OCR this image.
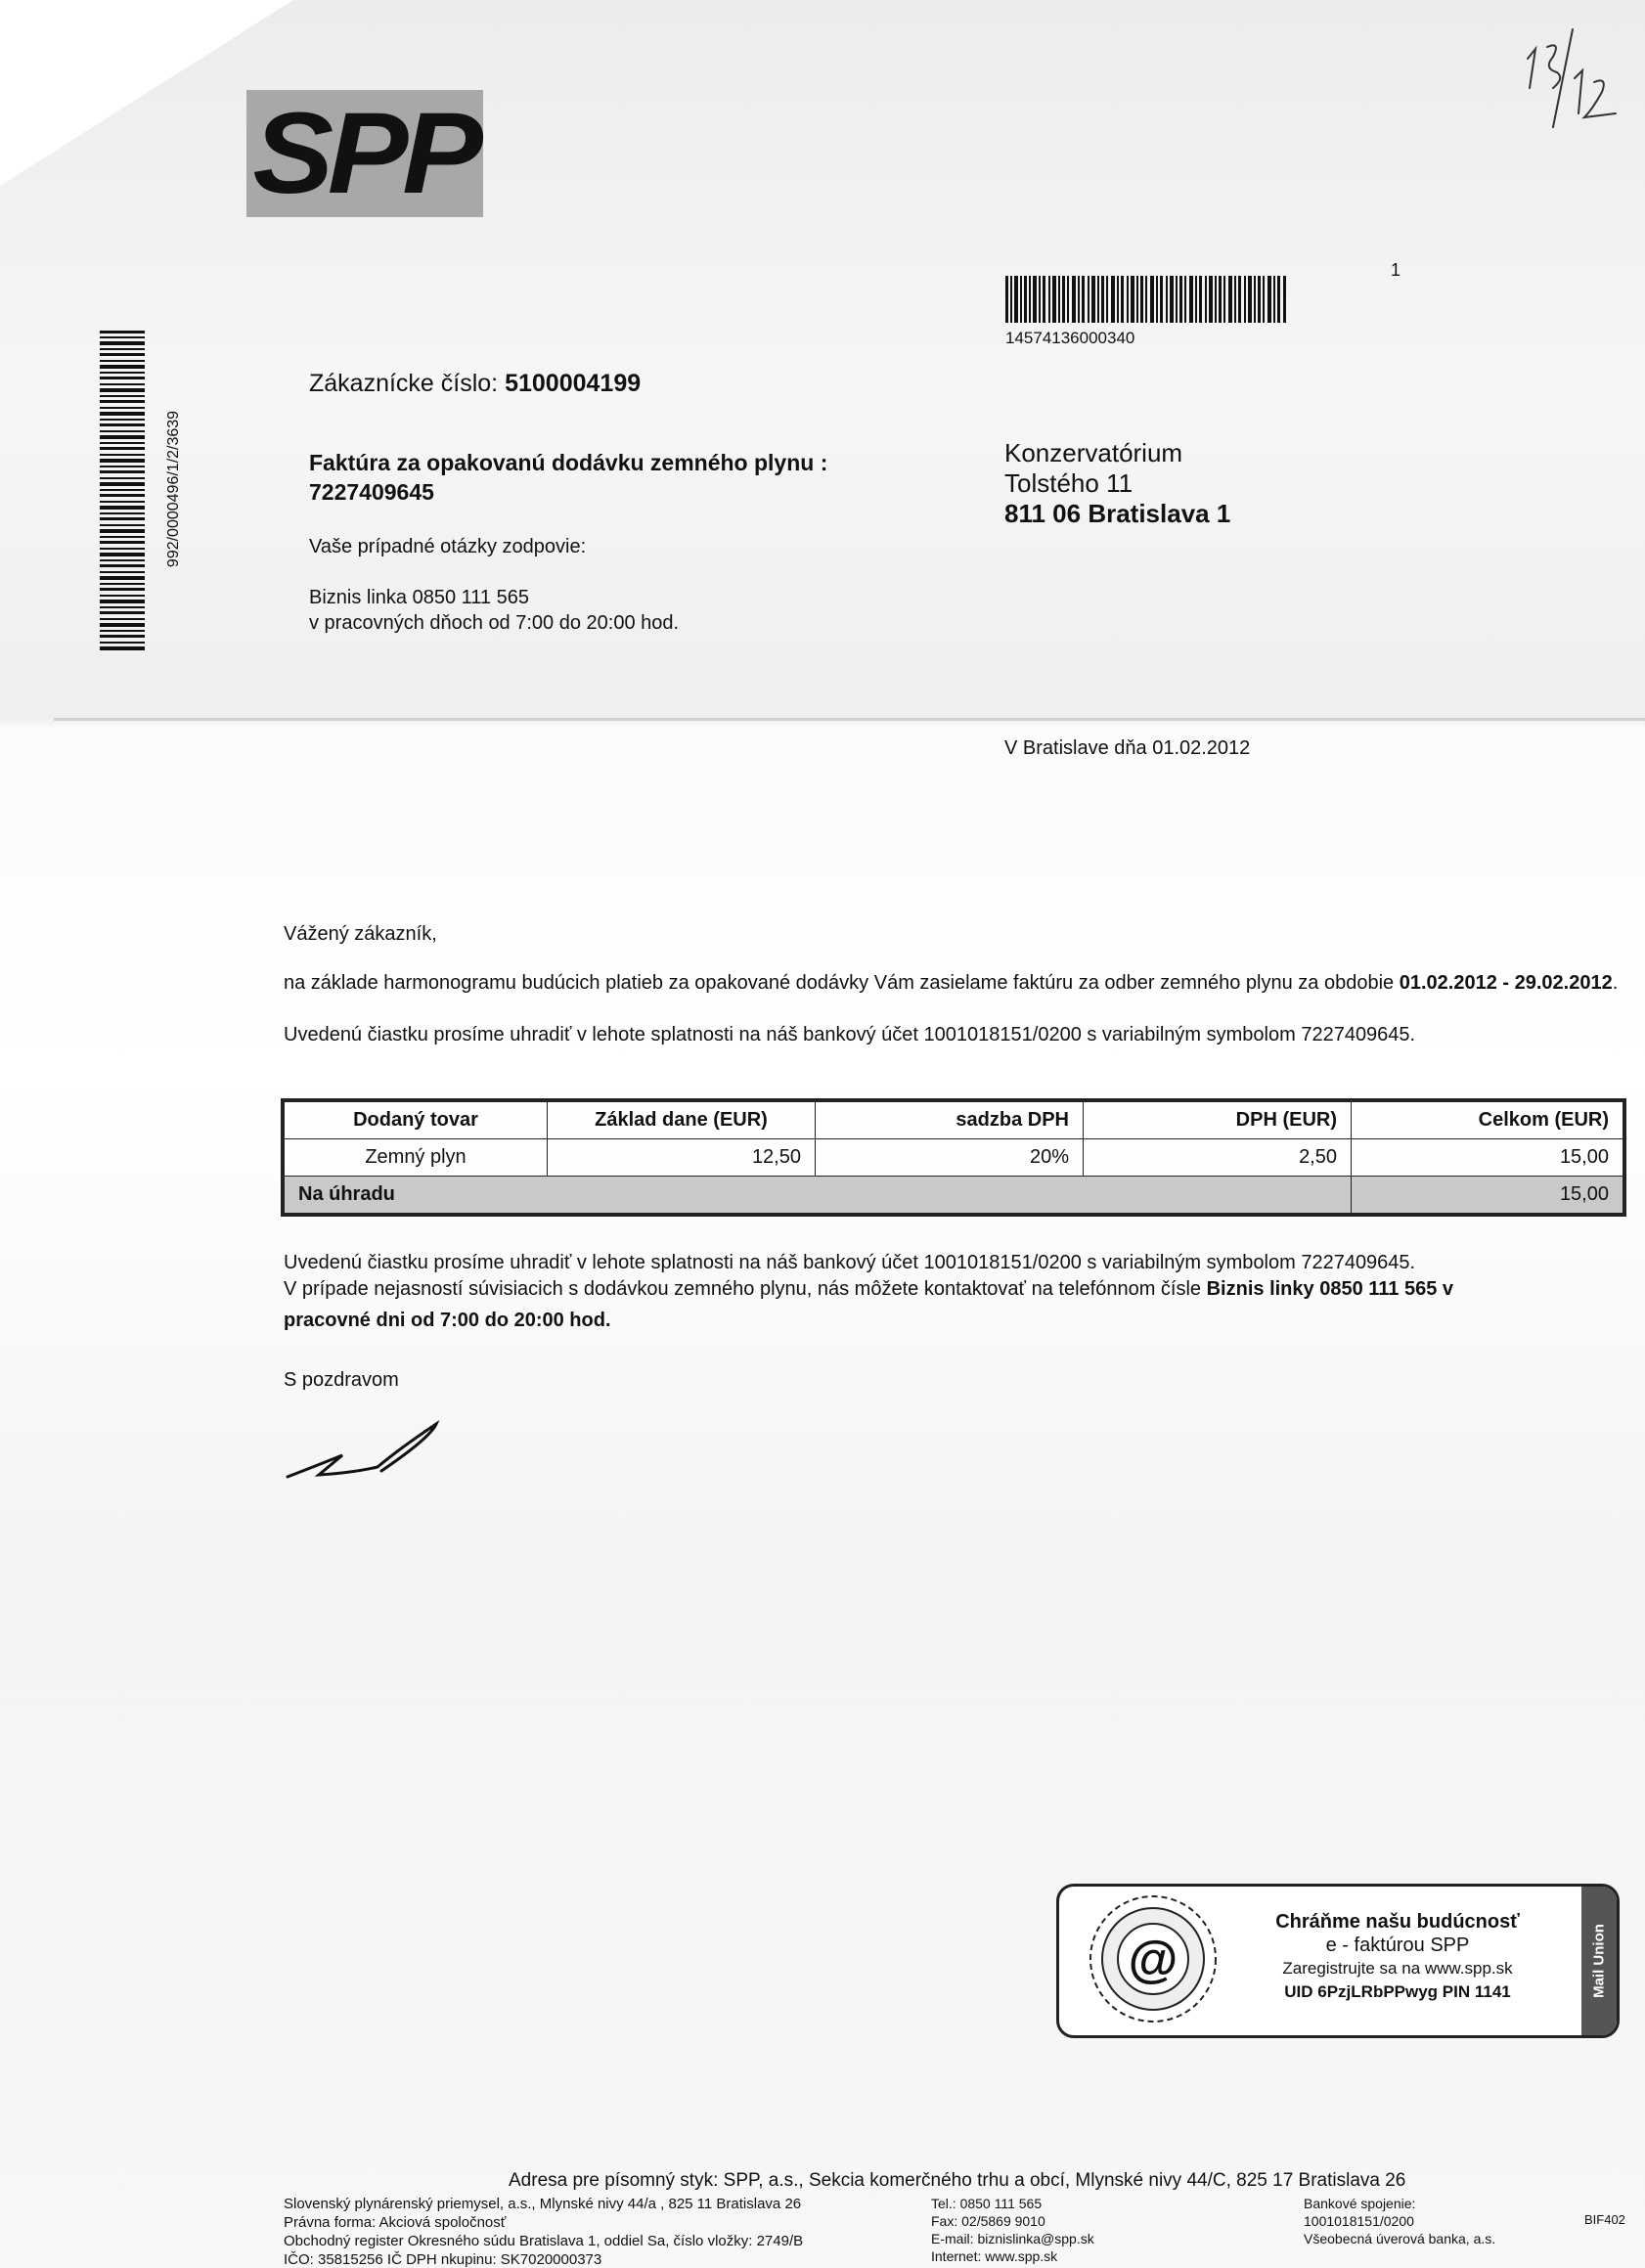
SPP
14574136000340
1
992/0000496/1/2/3639
Zákaznícke číslo: 5100004199
Faktúra za opakovanú dodávku zemného plynu :
7227409645
Vaše prípadné otázky zodpovie:
Biznis linka 0850 111 565
v pracovných dňoch od 7:00 do 20:00 hod.
Konzervatórium
Tolstého 11
811 06 Bratislava 1
V Bratislave dňa 01.02.2012
Vážený zákazník,
na základe harmonogramu budúcich platieb za opakované dodávky Vám zasielame faktúru za odber zemného plynu za obdobie 01.02.2012 - 29.02.2012.
Uvedenú čiastku prosíme uhradiť v lehote splatnosti na náš bankový účet 1001018151/0200 s variabilným symbolom 7227409645.
Dodaný tovar	Základ dane (EUR)	sadzba DPH	DPH (EUR)	Celkom (EUR)
Zemný plyn	12,50	20%	2,50	15,00
Na úhradu				15,00
Uvedenú čiastku prosíme uhradiť v lehote splatnosti na náš bankový účet 1001018151/0200 s variabilným symbolom 7227409645.
V prípade nejasností súvisiacich s dodávkou zemného plynu, nás môžete kontaktovať na telefónnom čísle Biznis linky 0850 111 565 v
pracovné dni od 7:00 do 20:00 hod.
S pozdravom
@
Chráňme našu budúcnosť
e - faktúrou SPP
Zaregistrujte sa na www.spp.sk
UID 6PzjLRbPPwyg PIN 1141	Mail Union
Adresa pre písomný styk: SPP, a.s., Sekcia komerčného trhu a obcí, Mlynské nivy 44/C, 825 17 Bratislava 26
Slovenský plynárenský priemysel, a.s., Mlynské nivy 44/a , 825 11 Bratislava 26
Právna forma: Akciová spoločnosť
Obchodný register Okresného súdu Bratislava 1, oddiel Sa, číslo vložky: 2749/B
IČO: 35815256 IČ DPH nkupinu: SK7020000373
Tel.: 0850 111 565
Fax: 02/5869 9010
E-mail: biznislinka@spp.sk
Internet: www.spp.sk
Bankové spojenie:
1001018151/0200
Všeobecná úverová banka, a.s.
BIF402
